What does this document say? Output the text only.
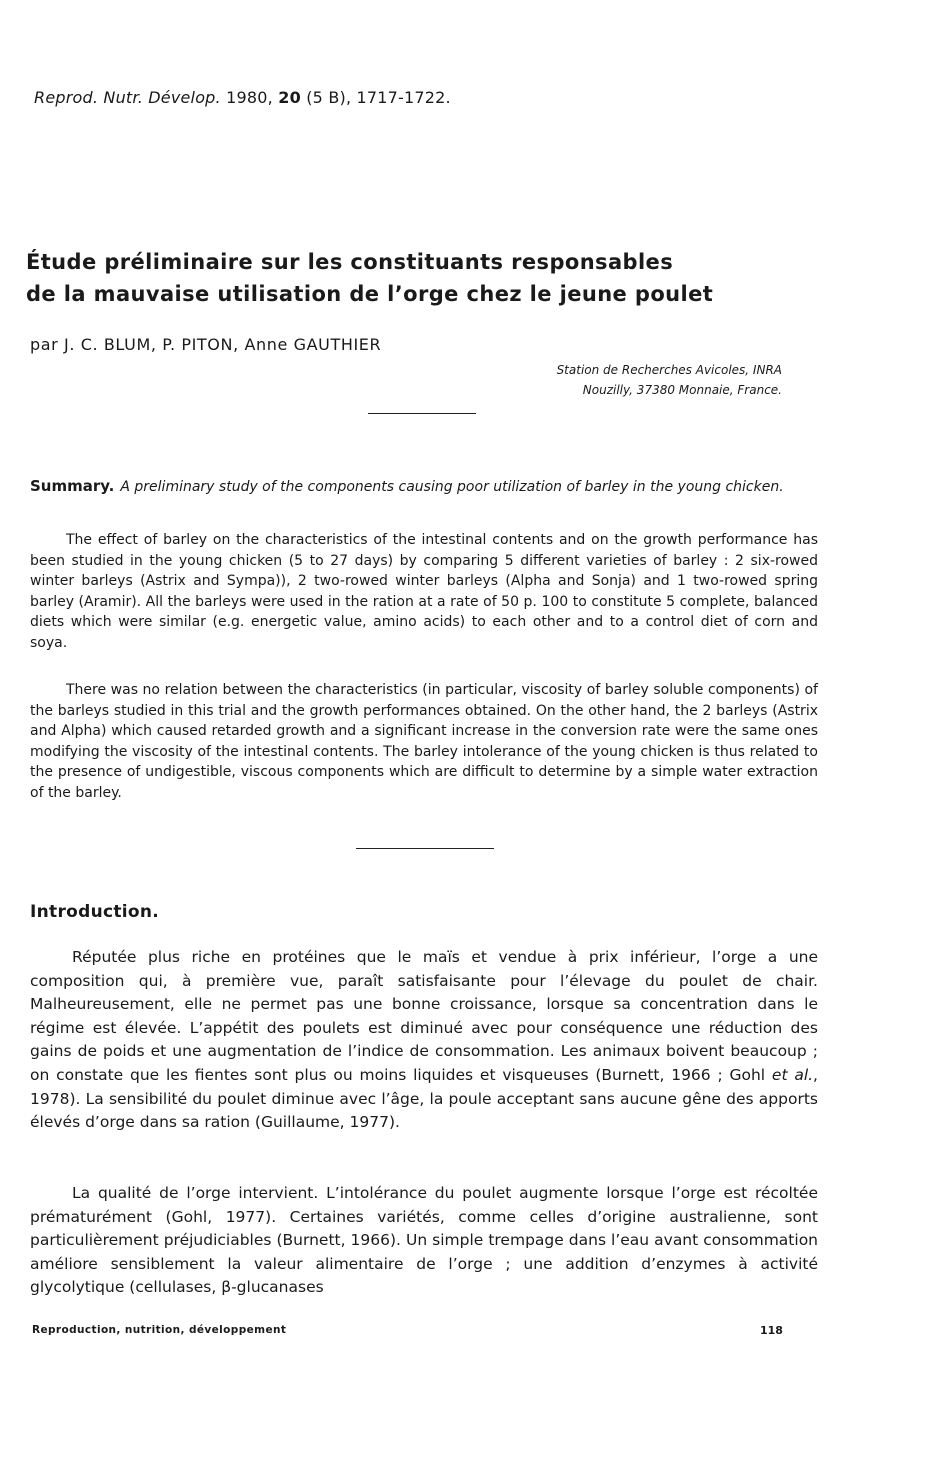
Reprod. Nutr. Dévelop. 1980, 20 (5 B), 1717-1722.
Étude préliminaire sur les constituants responsables
de la mauvaise utilisation de l’orge chez le jeune poulet
par J. C. BLUM, P. PITON, Anne GAUTHIER
Station de Recherches Avicoles, INRA
Nouzilly, 37380 Monnaie, France.
Summary. A preliminary study of the components causing poor utilization of barley in the young chicken.
The effect of barley on the characteristics of the intestinal contents and on the growth performance has been studied in the young chicken (5 to 27 days) by comparing 5 different varieties of barley : 2 six-rowed winter barleys (Astrix and Sympa)), 2 two-rowed winter barleys (Alpha and Sonja) and 1 two-rowed spring barley (Aramir). All the barleys were used in the ration at a rate of 50 p. 100 to constitute 5 complete, balanced diets which were similar (e.g. energetic value, amino acids) to each other and to a control diet of corn and soya.
There was no relation between the characteristics (in particular, viscosity of barley soluble components) of the barleys studied in this trial and the growth performances obtained. On the other hand, the 2 barleys (Astrix and Alpha) which caused retarded growth and a significant increase in the conversion rate were the same ones modifying the viscosity of the intestinal contents. The barley intolerance of the young chicken is thus related to the presence of undigestible, viscous components which are difficult to determine by a simple water extraction of the barley.
Introduction.
Réputée plus riche en protéines que le maïs et vendue à prix inférieur, l’orge a une composition qui, à première vue, paraît satisfaisante pour l’élevage du poulet de chair. Malheureusement, elle ne permet pas une bonne croissance, lorsque sa concentration dans le régime est élevée. L’appétit des poulets est diminué avec pour conséquence une réduction des gains de poids et une augmentation de l’indice de consommation. Les animaux boivent beaucoup ; on constate que les fientes sont plus ou moins liquides et visqueuses (Burnett, 1966 ; Gohl et al., 1978). La sensibilité du poulet diminue avec l’âge, la poule acceptant sans aucune gêne des apports élevés d’orge dans sa ration (Guillaume, 1977).
La qualité de l’orge intervient. L’intolérance du poulet augmente lorsque l’orge est récoltée prématurément (Gohl, 1977). Certaines variétés, comme celles d’origine australienne, sont particulièrement préjudiciables (Burnett, 1966). Un simple trempage dans l’eau avant consommation améliore sensiblement la valeur alimentaire de l’orge ; une addition d’enzymes à activité glycolytique (cellulases, β-glucanases
Reproduction, nutrition, développement	118
